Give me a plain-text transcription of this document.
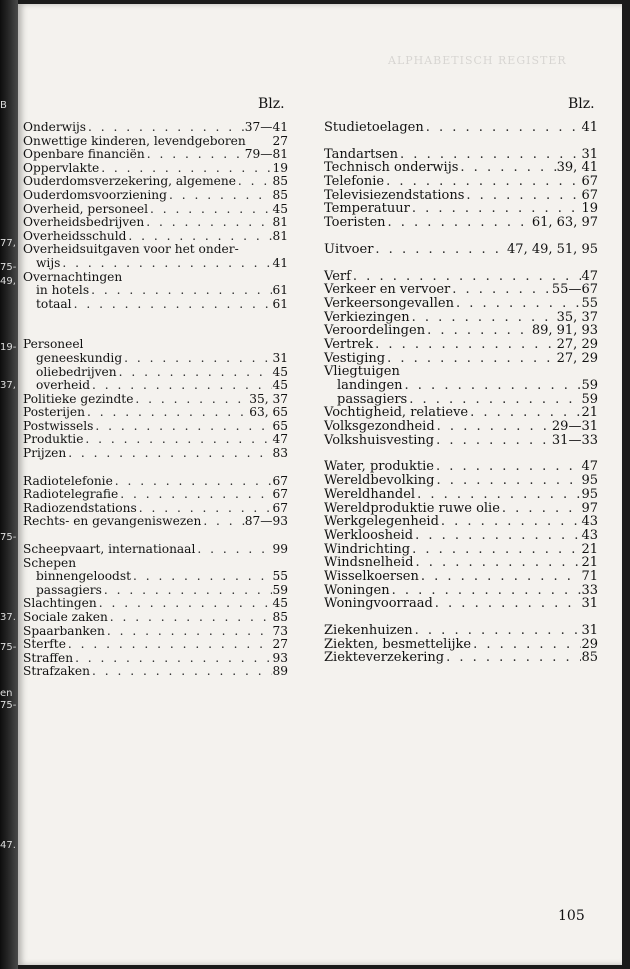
ALPHABETISCH REGISTER
Blz.	Blz.
Onderwijs . . .	37—41
Onwettige kinderen, levendgeboren 27
Openbare financiën . . .	79—81
Oppervlakte . . .	19
Ouderdomsverzekering, algemene . . .	85
Ouderdomsvoorziening . . .	85
Overheid, personeel . . .	45
Overheidsbedrijven . . .	81
Overheidsschuld . . .	81
Overheidsuitgaven voor het onder-
wijs . . .	41
Overnachtingen
in hotels . . .	61
totaal . . .	61
Personeel
geneeskundig . . .	31
oliebedrijven . . .	45
overheid . . .	45
Politieke gezindte . . .	35, 37
Posterijen . . .	63, 65
Postwissels . . .	65
Produktie . . .	47
Prijzen . . .	83
Radiotelefonie . . .	67
Radiotelegrafie . . .	67
Radiozendstations . . .	67
Rechts- en gevangeniswezen . . .	87—93
Scheepvaart, internationaal . . .	99
Schepen
binnengeloodst . . .	55
passagiers . . .	59
Slachtingen . . .	45
Sociale zaken . . .	85
Spaarbanken . . .	73
Sterfte . . .	27
Straffen . . .	93
Strafzaken . . .	89
Studietoelagen . . .	41
Tandartsen . . .	31
Technisch onderwijs . . .	39, 41
Telefonie . . .	67
Televisiezendstations . . .	67
Temperatuur . . .	19
Toeristen . . .	61, 63, 97
Uitvoer . . .	47, 49, 51, 95
Verf . . .	47
Verkeer en vervoer . . .	55—67
Verkeersongevallen . . .	55
Verkiezingen . . .	35, 37
Veroordelingen . . .	89, 91, 93
Vertrek . . .	27, 29
Vestiging . . .	27, 29
Vliegtuigen
landingen . . .	59
passagiers . . .	59
Vochtigheid, relatieve . . .	21
Volksgezondheid . . .	29—31
Volkshuisvesting . . .	31—33
Water, produktie . . .	47
Wereldbevolking . . .	95
Wereldhandel . . .	95
Wereldproduktie ruwe olie . . .	97
Werkgelegenheid . . .	43
Werkloosheid . . .	43
Windrichting . . .	21
Windsnelheid . . .	21
Wisselkoersen . . .	71
Woningen . . .	33
Woningvoorraad . . .	31
Ziekenhuizen . . .	31
Ziekten, besmettelijke . . .	29
Ziekteverzekering . . .	85
105
B
77,
75-
49,
19-
37,
75-
37.
75-
en
75-
47.
